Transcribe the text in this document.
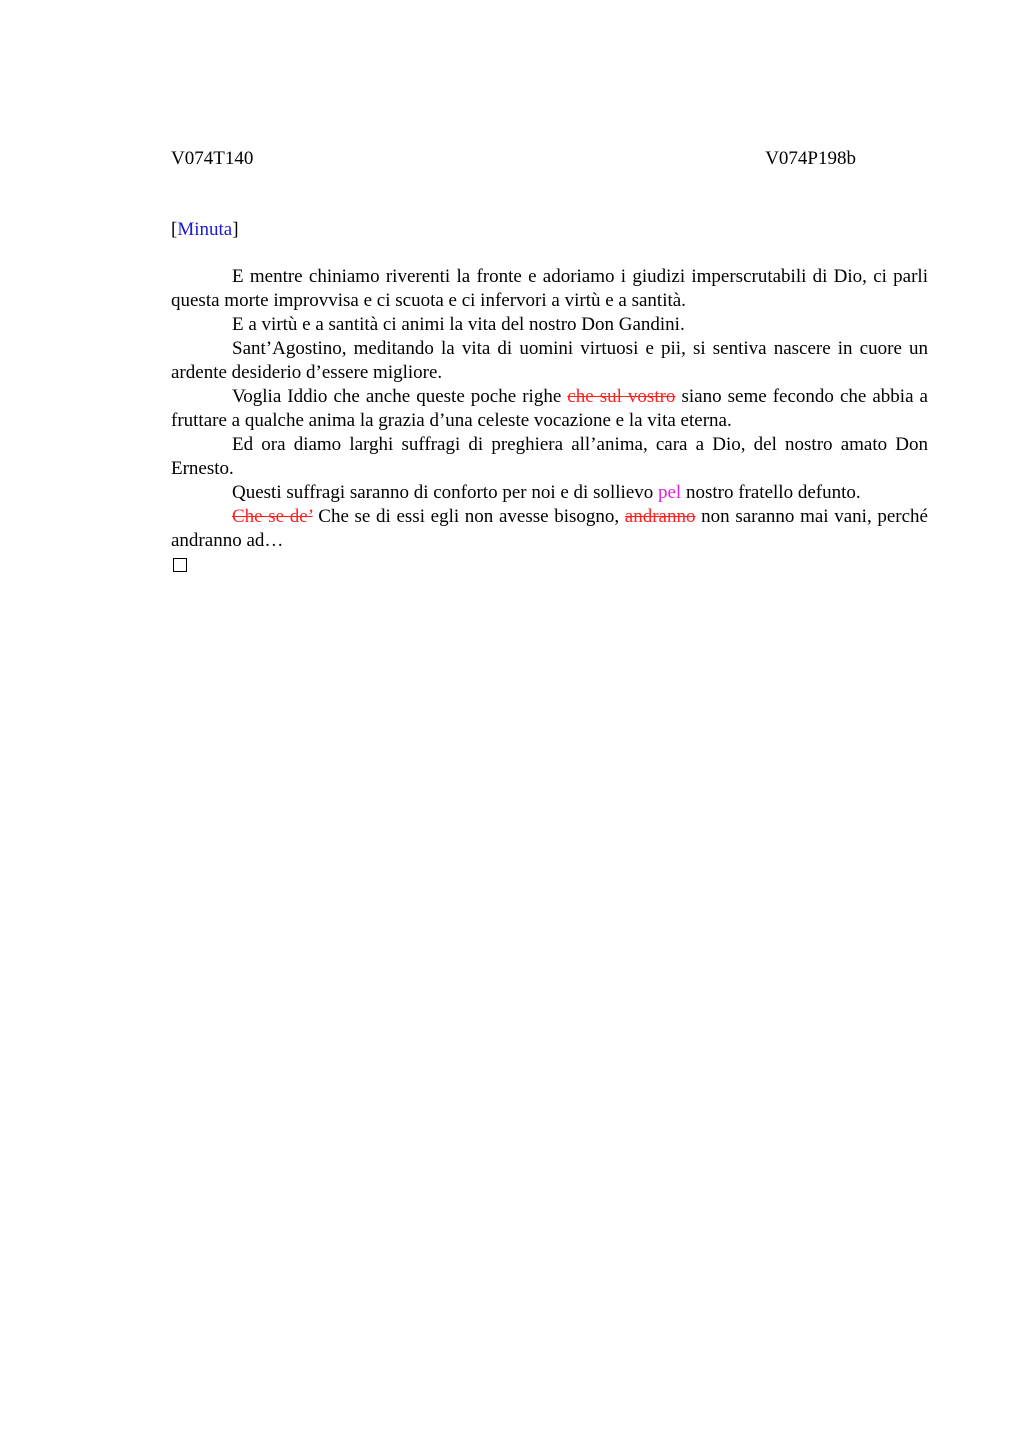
V074T140	V074P198b
[Minuta]

E mentre chiniamo riverenti la fronte e adoriamo i giudizi imperscrutabili di Dio, ci parli questa morte improvvisa e ci scuota e ci infervori a virtù e a santità.

E a virtù e a santità ci animi la vita del nostro Don Gandini.

Sant’Agostino, meditando la vita di uomini virtuosi e pii, si sentiva nascere in cuore un ardente desiderio d’essere migliore.

Voglia Iddio che anche queste poche righe che sul vostro siano seme fecondo che abbia a fruttare a qualche anima la grazia d’una celeste vocazione e la vita eterna.

Ed ora diamo larghi suffragi di preghiera all’anima, cara a Dio, del nostro amato Don Ernesto.

Questi suffragi saranno di conforto per noi e di sollievo pel nostro fratello defunto.

Che se de’ Che se di essi egli non avesse bisogno, andranno non saranno mai vani, perché andranno ad…
